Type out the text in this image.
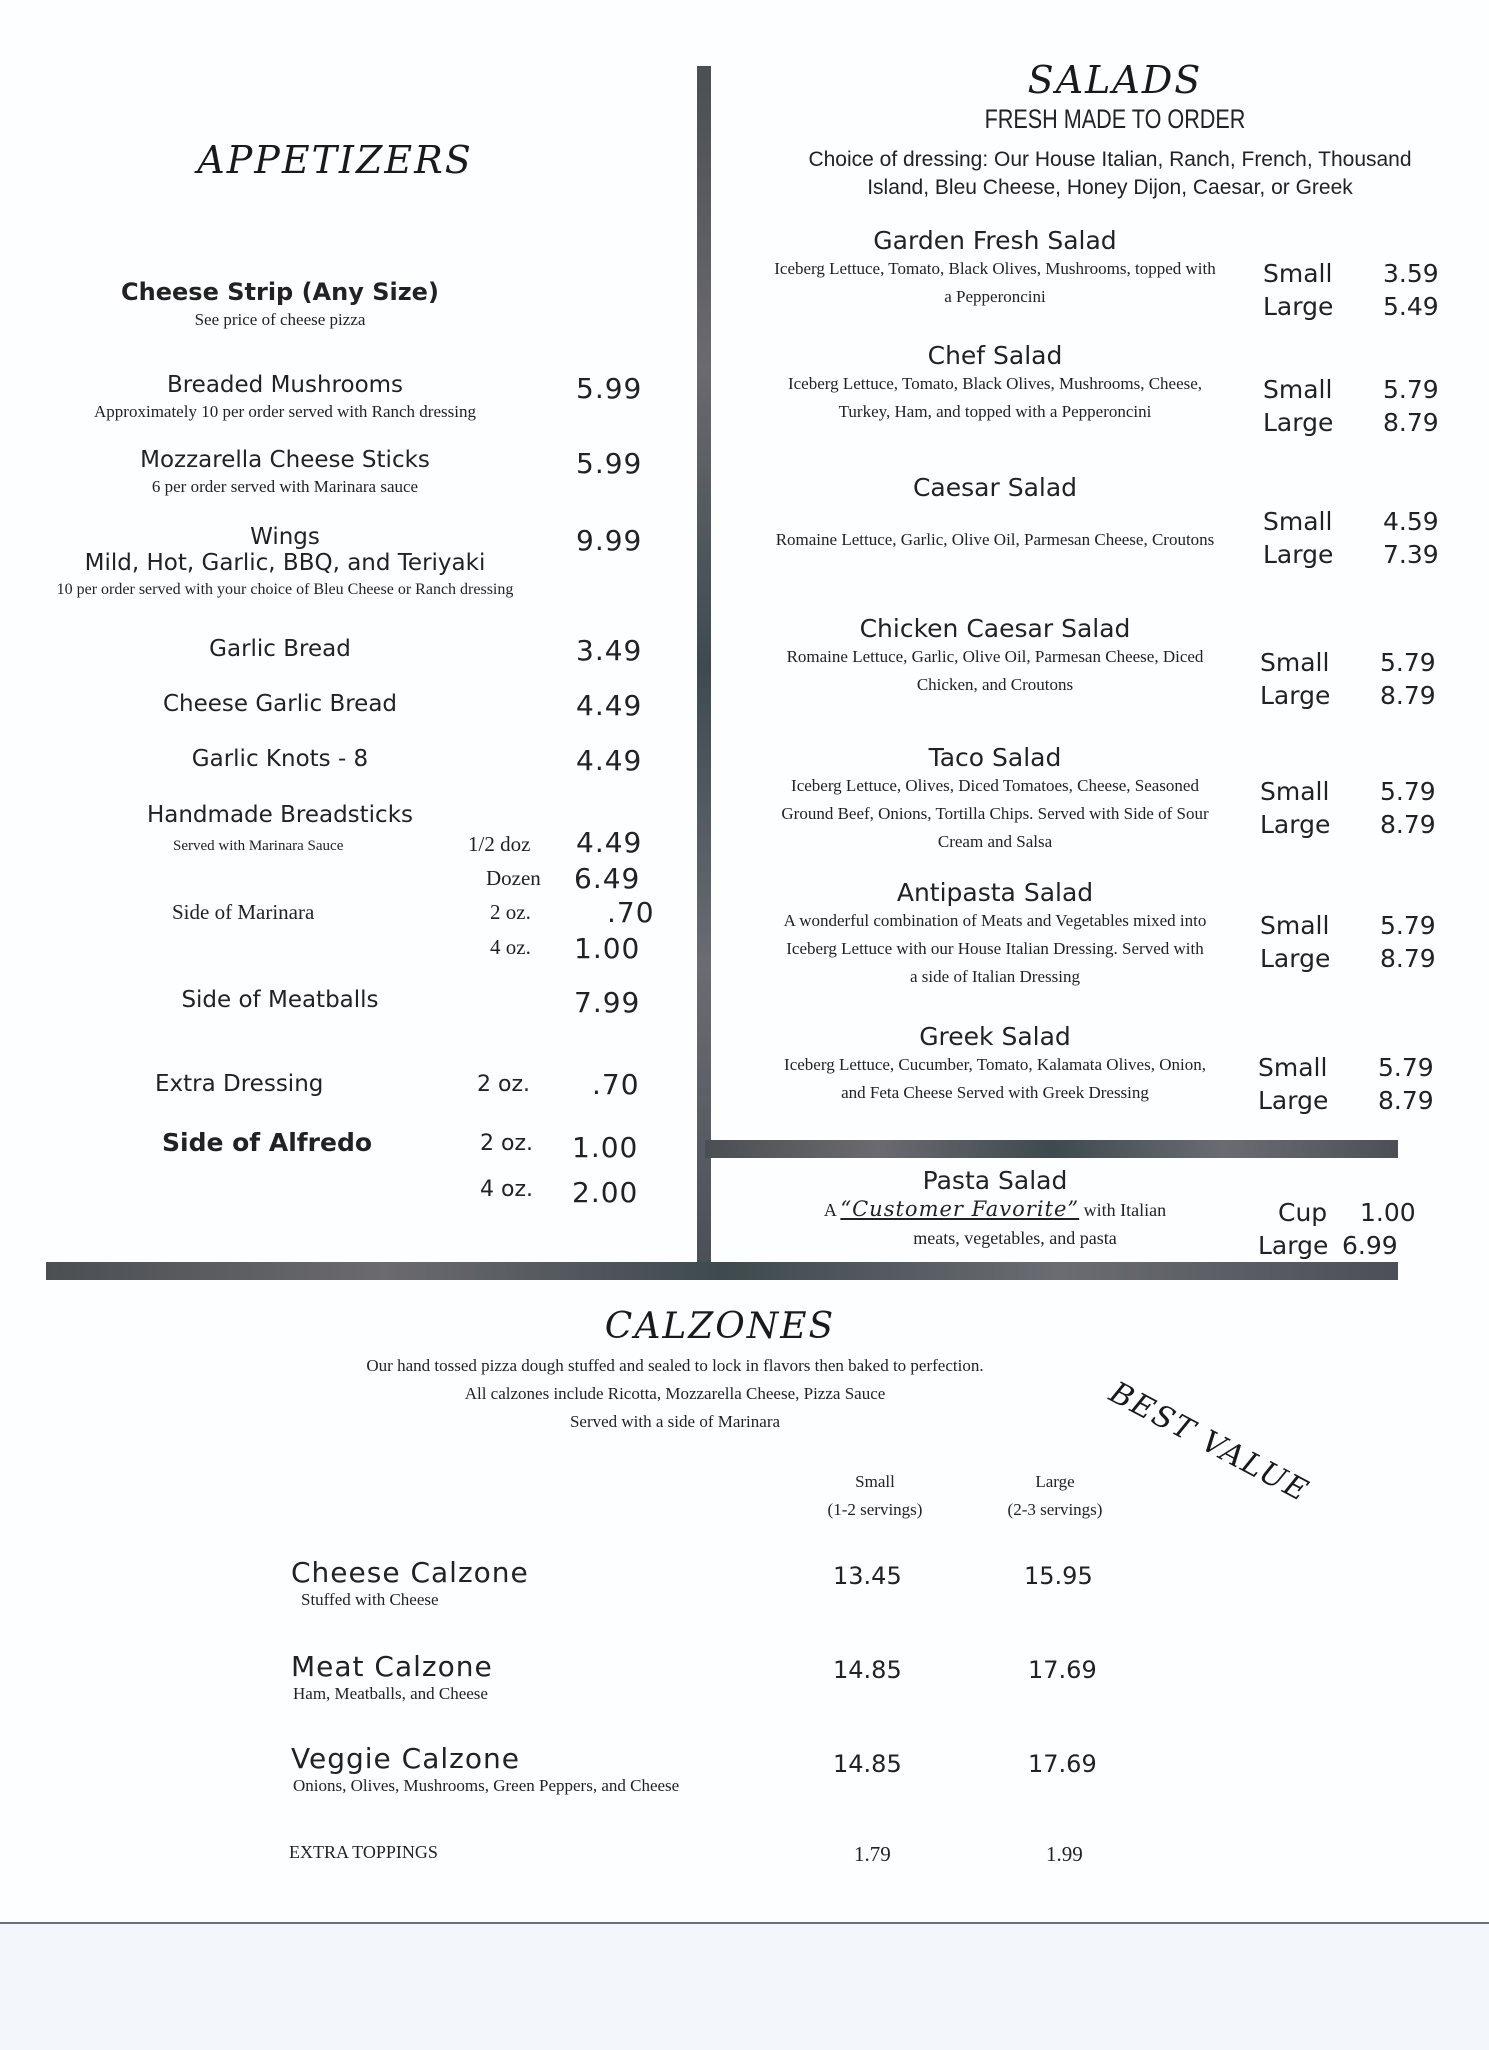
APPETIZERS
Cheese Strip (Any Size)
See price of cheese pizza
Breaded Mushrooms
Approximately 10 per order served with Ranch dressing
5.99
Mozzarella Cheese Sticks
6 per order served with Marinara sauce
5.99
Wings
Mild, Hot, Garlic, BBQ, and Teriyaki
10 per order served with your choice of Bleu Cheese or Ranch dressing
9.99
Garlic Bread	3.49
Cheese Garlic Bread	4.49
Garlic Knots - 8	4.49
Handmade Breadsticks
Served with Marinara Sauce	1/2 doz 4.49
Dozen 6.49
Side of Marinara	2 oz.	.70
4 oz. 1.00
Side of Meatballs	7.99
Extra Dressing	2 oz. .70
Side of Alfredo	2 oz. 1.00
4 oz. 2.00
SALADS
FRESH MADE TO ORDER
Choice of dressing: Our House Italian, Ranch, French, Thousand
Island, Bleu Cheese, Honey Dijon, Caesar, or Greek
Garden Fresh Salad
Iceberg Lettuce, Tomato, Black Olives, Mushrooms, topped with
a Pepperoncini
Small 3.59
Large 5.49
Chef Salad
Iceberg Lettuce, Tomato, Black Olives, Mushrooms, Cheese,
Turkey, Ham, and topped with a Pepperoncini
Small 5.79
Large 8.79
Caesar Salad
Romaine Lettuce, Garlic, Olive Oil, Parmesan Cheese, Croutons
Small 4.59
Large 7.39
Chicken Caesar Salad
Romaine Lettuce, Garlic, Olive Oil, Parmesan Cheese, Diced
Chicken, and Croutons
Small 5.79
Large 8.79
Taco Salad
Iceberg Lettuce, Olives, Diced Tomatoes, Cheese, Seasoned
Ground Beef, Onions, Tortilla Chips. Served with Side of Sour
Cream and Salsa
Small 5.79
Large 8.79
Antipasta Salad
A wonderful combination of Meats and Vegetables mixed into
Iceberg Lettuce with our House Italian Dressing. Served with
a side of Italian Dressing
Small 5.79
Large 8.79
Greek Salad
Iceberg Lettuce, Cucumber, Tomato, Kalamata Olives, Onion,
and Feta Cheese Served with Greek Dressing
Small 5.79
Large 8.79
Pasta Salad
A “Customer Favorite” with Italian
meats, vegetables, and pasta
Cup 1.00
Large 6.99
CALZONES
Our hand tossed pizza dough stuffed and sealed to lock in flavors then baked to perfection.
All calzones include Ricotta, Mozzarella Cheese, Pizza Sauce
Served with a side of Marinara	BEST VALUE
Small
(1-2 servings)
Large
(2-3 servings)
Cheese Calzone
Stuffed with Cheese
13.45	15.95
Meat Calzone
Ham, Meatballs, and Cheese
14.85	17.69
Veggie Calzone
Onions, Olives, Mushrooms, Green Peppers, and Cheese
14.85	17.69
EXTRA TOPPINGS	1.79	1.99
